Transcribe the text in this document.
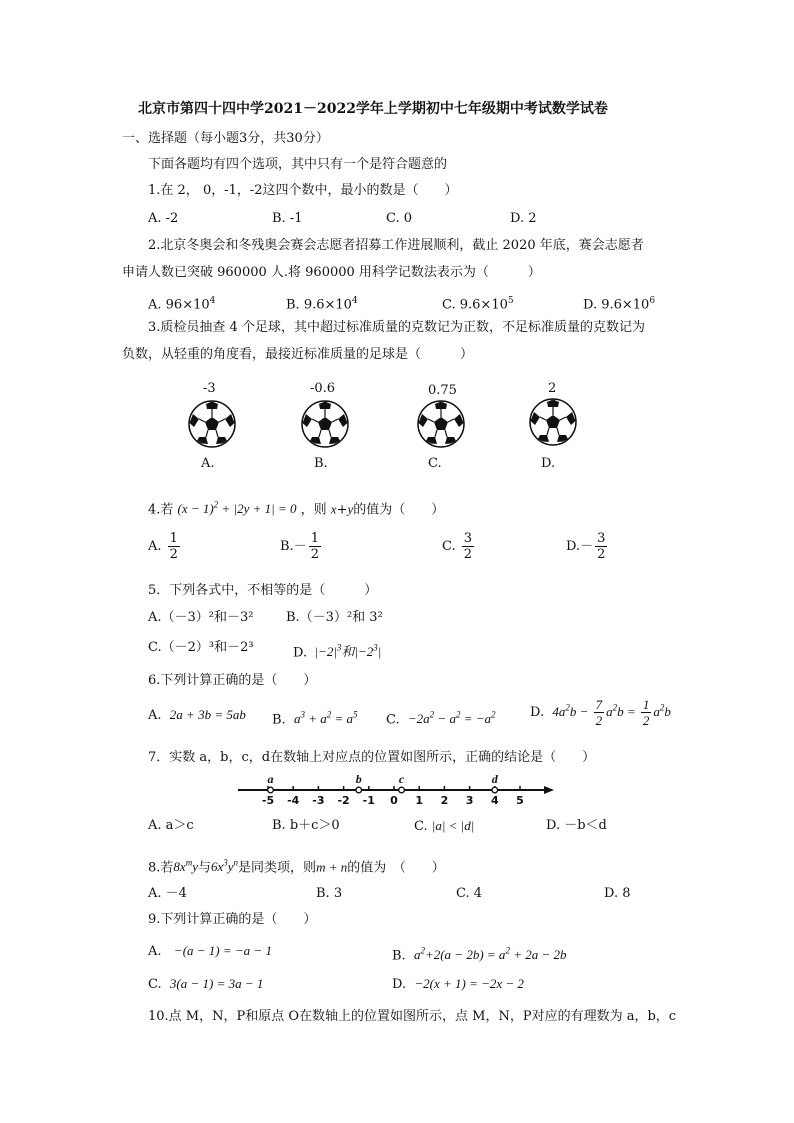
北京市第四十四中学2021－2022学年上学期初中七年级期中考试数学试卷
一、选择题（每小题3分，共30分）
下面各题均有四个选项，其中只有一个是符合题意的
1.在 2， 0，-1，-2这四个数中，最小的数是（　　）
A. -2	B. -1	C. 0	D. 2
2.北京冬奥会和冬残奥会赛会志愿者招募工作进展顺利，截止 2020 年底，赛会志愿者
申请人数已突破 960000 人.将 960000 用科学记数法表示为（　　　）
A. $96\times 10^4$	B. $9.6\times 10^4$	C. $9.6\times 10^5$	D. $9.6\times 10^6$
3.质检员抽查 4 个足球，其中超过标准质量的克数记为正数，不足标准质量的克数记为
负数，从轻重的角度看，最接近标准质量的足球是（　　　）
-3	-0.6	0.75	2
A.	B.	C.	D.
4.若 $(x - 1)^2 + |2y + 1| = 0$ ，则 x+y的值为（　　）
A. $\frac{1}{2}$	$B.- \frac{1}{2}$	C. $\frac{3}{2}$	$D.- \frac{3}{2}$
5．下列各式中，不相等的是（　　　）
A.（－3）²和－3²	B.（－3）²和 3²
C.（－2）³和－2³	D.  $|-2|^3$和$|-2^3|$
6.下列计算正确的是（　　）
A.  2a + 3b = 5ab B.  $a^3 + a^2 = a^5$ C.  $-2a^2 - a^2 = -a^2$	D.  $4a^2b - \frac{7}{2} a^2b = \frac{1}{2} a^2b$
7．实数 a，b，c，d在数轴上对应点的位置如图所示，正确的结论是（　　）
-5 -4 -3 -2 -1 0 1 2 3 4 5
a	b	c	d
A. a＞c	B. b＋c＞0	C. |a| < |d|	D. －b＜d
8.若$8x^my$与$6x^3y^n$是同类项，则m + n的值为　（　　）
A. －4	B. 3	C. 4	D. 8
9.下列计算正确的是（　　）
A.   −(a − 1) = −a − 1	B.  $a^2+2(a - 2b) = a^2 + 2a - 2b$
C.  3(a − 1) = 3a − 1	D.  −2(x + 1) = −2x − 2
10.点 M，N，P和原点 O在数轴上的位置如图所示，点 M，N，P对应的有理数为 a，b，c
